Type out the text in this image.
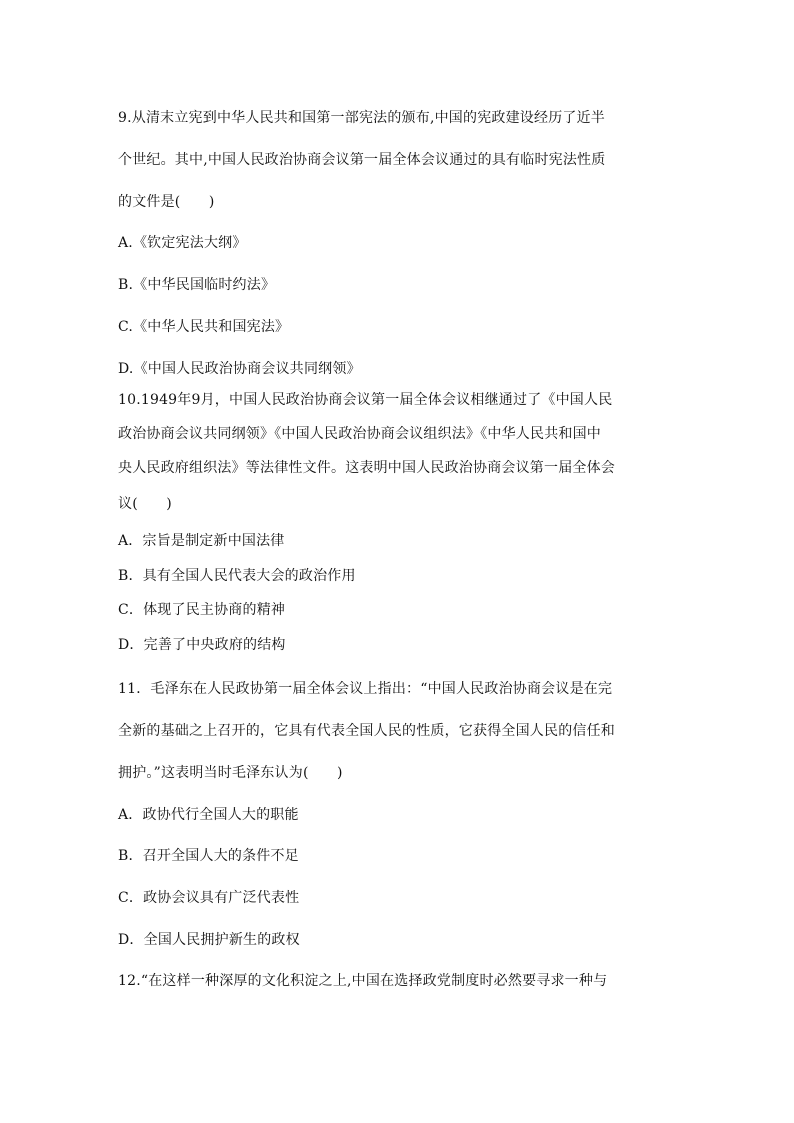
9.从清末立宪到中华人民共和国第一部宪法的颁布,中国的宪政建设经历了近半
个世纪。其中,中国人民政治协商会议第一届全体会议通过的具有临时宪法性质
的文件是(　　)
A.《钦定宪法大纲》
B.《中华民国临时约法》
C.《中华人民共和国宪法》
D.《中国人民政治协商会议共同纲领》
10.1949年9月，中国人民政治协商会议第一届全体会议相继通过了《中国人民
政治协商会议共同纲领》《中国人民政治协商会议组织法》《中华人民共和国中
央人民政府组织法》等法律性文件。这表明中国人民政治协商会议第一届全体会
议(　　)
A．宗旨是制定新中国法律
B．具有全国人民代表大会的政治作用
C．体现了民主协商的精神
D．完善了中央政府的结构
11．毛泽东在人民政协第一届全体会议上指出：“中国人民政治协商会议是在完
全新的基础之上召开的，它具有代表全国人民的性质，它获得全国人民的信任和
拥护。”这表明当时毛泽东认为(　　)
A．政协代行全国人大的职能
B．召开全国人大的条件不足
C．政协会议具有广泛代表性
D．全国人民拥护新生的政权
12.“在这样一种深厚的文化积淀之上,中国在选择政党制度时必然要寻求一种与
